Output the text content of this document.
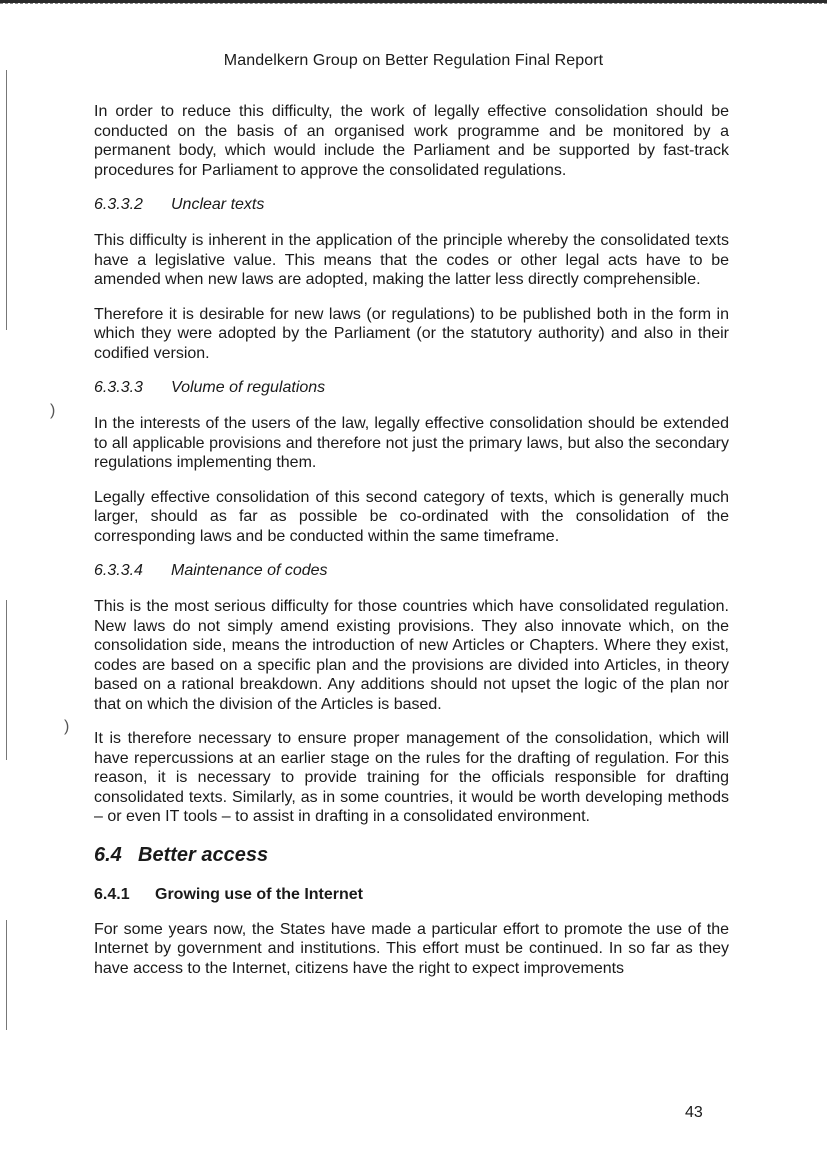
)
)
Mandelkern Group on Better Regulation Final Report

In order to reduce this difficulty, the work of legally effective consolidation should be conducted on the basis of an organised work programme and be monitored by a permanent body, which would include the Parliament and be supported by fast-track procedures for Parliament to approve the consolidated regulations.

6.3.3.2 Unclear texts

This difficulty is inherent in the application of the principle whereby the consolidated texts have a legislative value. This means that the codes or other legal acts have to be amended when new laws are adopted, making the latter less directly comprehensible.

Therefore it is desirable for new laws (or regulations) to be published both in the form in which they were adopted by the Parliament (or the statutory authority) and also in their codified version.

6.3.3.3 Volume of regulations

In the interests of the users of the law, legally effective consolidation should be extended to all applicable provisions and therefore not just the primary laws, but also the secondary regulations implementing them.

Legally effective consolidation of this second category of texts, which is generally much larger, should as far as possible be co-ordinated with the consolidation of the corresponding laws and be conducted within the same timeframe.

6.3.3.4 Maintenance of codes

This is the most serious difficulty for those countries which have consolidated regulation. New laws do not simply amend existing provisions. They also innovate which, on the consolidation side, means the introduction of new Articles or Chapters. Where they exist, codes are based on a specific plan and the provisions are divided into Articles, in theory based on a rational breakdown. Any additions should not upset the logic of the plan nor that on which the division of the Articles is based.

It is therefore necessary to ensure proper management of the consolidation, which will have repercussions at an earlier stage on the rules for the drafting of regulation. For this reason, it is necessary to provide training for the officials responsible for drafting consolidated texts. Similarly, as in some countries, it would be worth developing methods – or even IT tools – to assist in drafting in a consolidated environment.

6.4 Better access
6.4.1 Growing use of the Internet

For some years now, the States have made a particular effort to promote the use of the Internet by government and institutions. This effort must be continued. In so far as they have access to the Internet, citizens have the right to expect improvements

43
